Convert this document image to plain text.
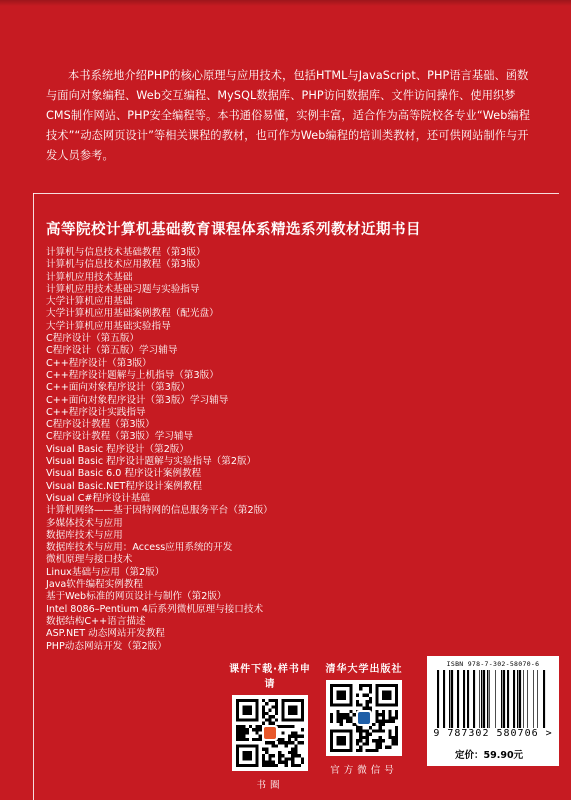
本书系统地介绍PHP的核心原理与应用技术，包括HTML与JavaScript、PHP语言基础、函数与面向对象编程、Web交互编程、MySQL数据库、PHP访问数据库、文件访问操作、使用织梦CMS制作网站、PHP安全编程等。本书通俗易懂，实例丰富，适合作为高等院校各专业“Web编程技术”“动态网页设计”等相关课程的教材，也可作为Web编程的培训类教材，还可供网站制作与开发人员参考。

高等院校计算机基础教育课程体系精选系列教材近期书目
计算机与信息技术基础教程（第3版）
计算机与信息技术应用教程（第3版）
计算机应用技术基础
计算机应用技术基础习题与实验指导
大学计算机应用基础
大学计算机应用基础案例教程（配光盘）
大学计算机应用基础实验指导
C程序设计（第五版）
C程序设计（第五版）学习辅导
C++程序设计（第3版）
C++程序设计题解与上机指导（第3版）
C++面向对象程序设计（第3版）
C++面向对象程序设计（第3版）学习辅导
C++程序设计实践指导
C程序设计教程（第3版）
C程序设计教程（第3版）学习辅导
Visual Basic 程序设计（第2版）
Visual Basic 程序设计题解与实验指导（第2版）
Visual Basic 6.0 程序设计案例教程
Visual Basic.NET程序设计案例教程
Visual C#程序设计基础
计算机网络——基于因特网的信息服务平台（第2版）
多媒体技术与应用
数据库技术与应用
数据库技术与应用：Access应用系统的开发
微机原理与接口技术
Linux基础与应用（第2版）
Java软件编程实例教程
基于Web标准的网页设计与制作（第2版）
Intel 8086–Pentium 4后系列微机原理与接口技术
数据结构C++语言描述
ASP.NET 动态网站开发教程
PHP动态网站开发（第2版）
课件下载·样书申请
书圈
清华大学出版社
官方微信号
ISBN 978-7-302-58070-6
9 787302 580706 >
定价：59.90元
